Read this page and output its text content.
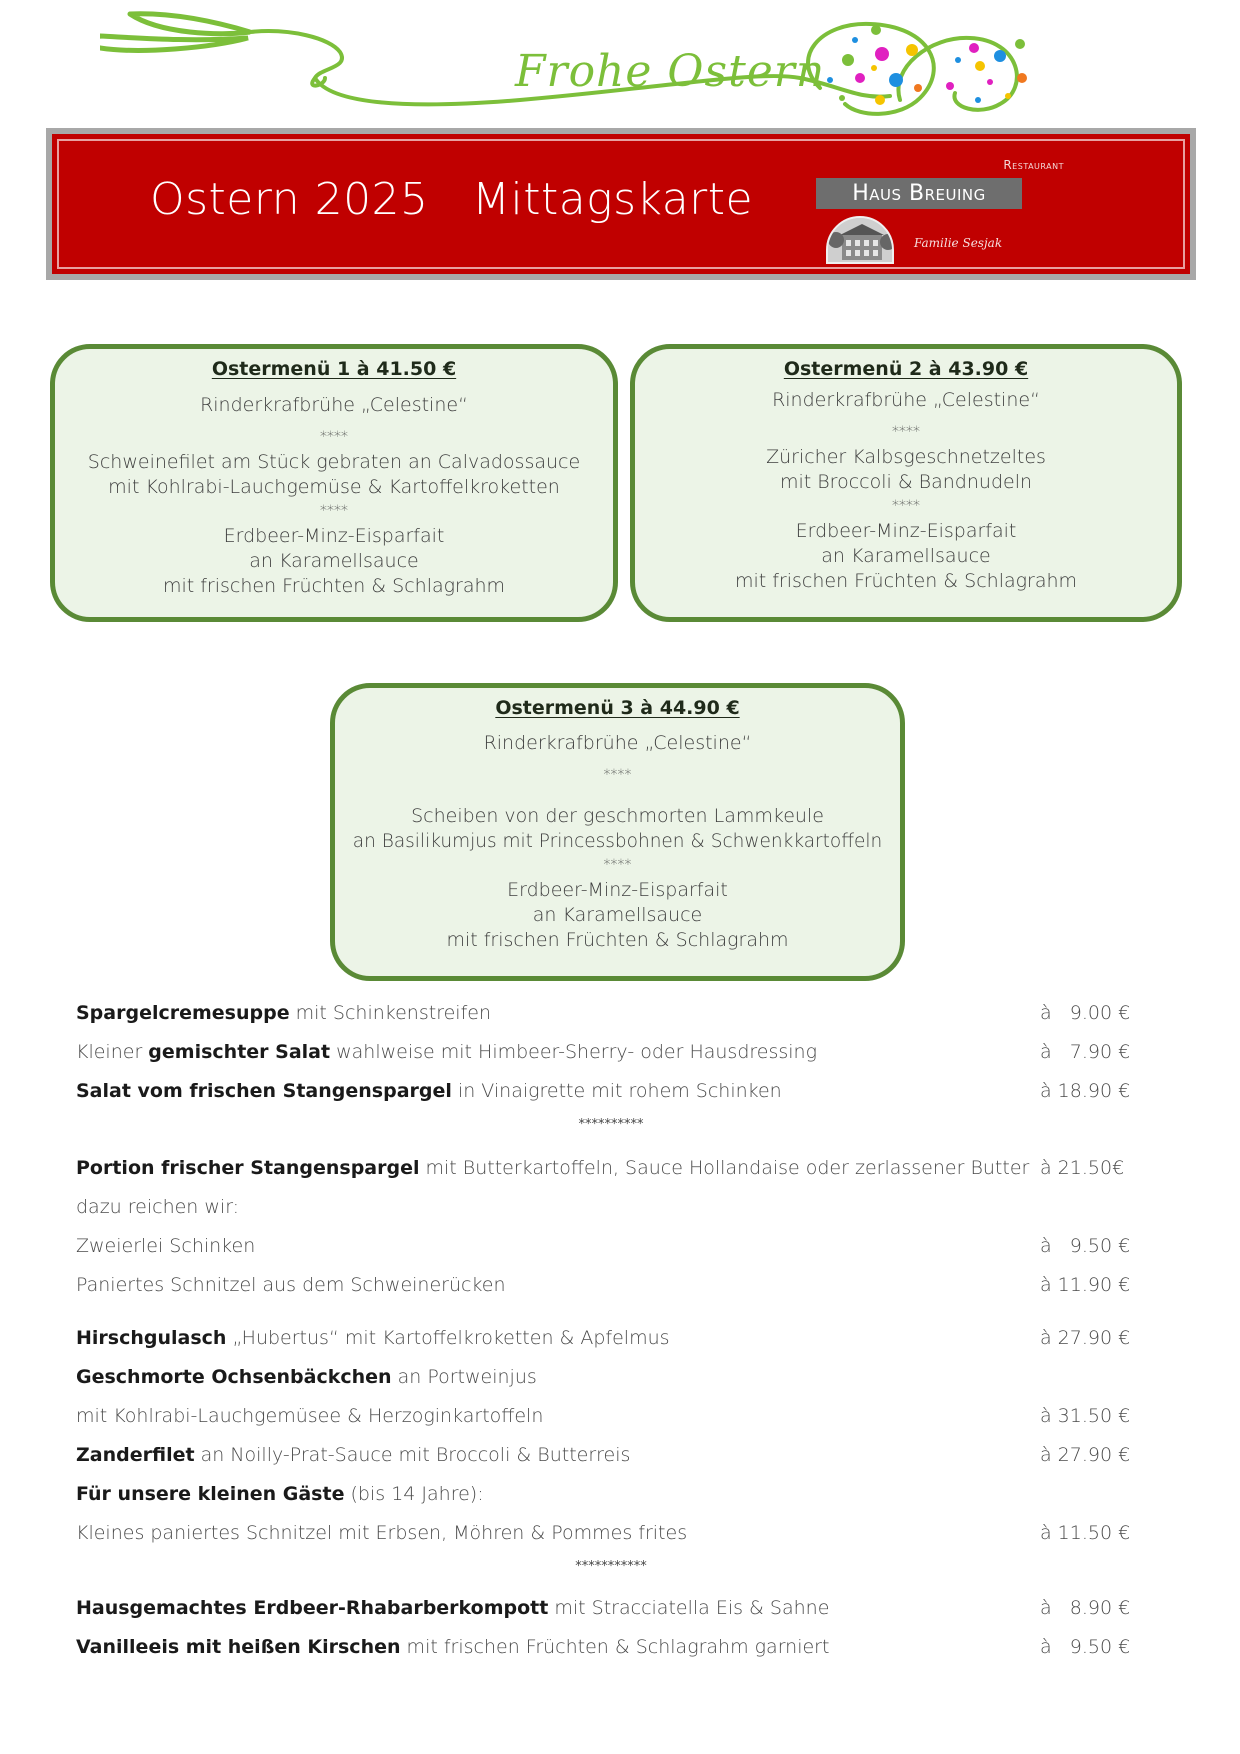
Frohe Ostern
Ostern 2025   Mittagskarte
Restaurant
Haus Breuing
Familie Sesjak
Ostermenü 1 à 41.50 €
Rinderkrafbrühe „Celestine“
****
Schweinefilet am Stück gebraten an Calvadossauce
mit Kohlrabi-Lauchgemüse & Kartoffelkroketten
****
Erdbeer-Minz-Eisparfait
an Karamellsauce
mit frischen Früchten & Schlagrahm
Ostermenü 2 à 43.90 €
Rinderkrafbrühe „Celestine“
****
Züricher Kalbsgeschnetzeltes
mit Broccoli & Bandnudeln
****
Erdbeer-Minz-Eisparfait
an Karamellsauce
mit frischen Früchten & Schlagrahm
Ostermenü 3 à 44.90 €
Rinderkrafbrühe „Celestine“
****
Scheiben von der geschmorten Lammkeule
an Basilikumjus mit Princessbohnen & Schwenkkartoffeln
****
Erdbeer-Minz-Eisparfait
an Karamellsauce
mit frischen Früchten & Schlagrahm
Spargelcremesuppe mit Schinkenstreifen	à   9.00 €
Kleiner gemischter Salat wahlweise mit Himbeer-Sherry- oder Hausdressing	à   7.90 €
Salat vom frischen Stangenspargel in Vinaigrette mit rohem Schinken	à 18.90 €
**********
Portion frischer Stangenspargel mit Butterkartoffeln, Sauce Hollandaise oder zerlassener Butter à 21.50€
dazu reichen wir:
Zweierlei Schinken	à   9.50 €
Paniertes Schnitzel aus dem Schweinerücken	à 11.90 €
Hirschgulasch „Hubertus“ mit Kartoffelkroketten & Apfelmus	à 27.90 €
Geschmorte Ochsenbäckchen an Portweinjus
mit Kohlrabi-Lauchgemüsee & Herzoginkartoffeln	à 31.50 €
Zanderfilet an Noilly-Prat-Sauce mit Broccoli & Butterreis	à 27.90 €
Für unsere kleinen Gäste (bis 14 Jahre):
Kleines paniertes Schnitzel mit Erbsen, Möhren & Pommes frites	à 11.50 €
***********
Hausgemachtes Erdbeer-Rhabarberkompott mit Stracciatella Eis & Sahne	à   8.90 €
Vanilleeis mit heißen Kirschen mit frischen Früchten & Schlagrahm garniert	à   9.50 €
